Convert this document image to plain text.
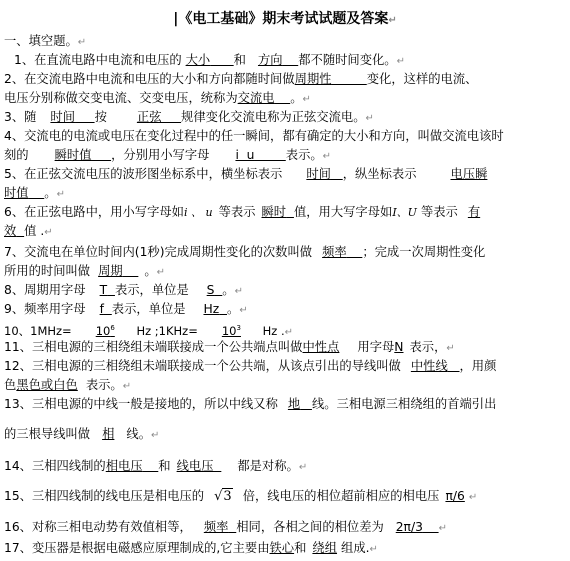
|《电工基础》期末考试试题及答案↵
一、填空题。↵
1、在直流电路中电流和电压的 大小 和 方向 都不随时间变化。↵
2、在交流电路中电流和电压的大小和方向都随时间做周期性	变化，这样的电流、
电压分别称做交变电流、交变电压，统称为交流电 。↵
3、随 时间 按 正弦 规律变化交流电称为正弦交流电。↵
4、交流电的电流或电压在变化过程中的任一瞬间，都有确定的大小和方向，叫做交流电该时
刻的 瞬时值 ，分别用小写字母 i  u	表示。↵
5、在正弦交流电压的波形图坐标系中，横坐标表示 时间 ，纵坐标表示	电压瞬
时值 。↵
6、在正弦电路中，用小写字母如i 、 u 等表示 瞬时 值，用大写字母如I、U 等表示 有
效 值 .↵
7、交流电在单位时间内(1秒)完成周期性变化的次数叫做 频率 ；完成一次周期性变化
所用的时间叫做 周期 。↵
8、周期用字母 T 表示，单位是 S 。↵
9、频率用字母 f 表示，单位是 Hz 。↵
10、$1MHz= 10^6$ Hz ;1KHz= $10^3$ Hz .↵
11、三相电源的三相绕组未端联接成一个公共端点叫做中性点 用字母N 表示，↵
12、三相电源的三相绕组未端联接成一个公共端，从该点引出的导线叫做 中性线 ，用颜
色黑色或白色 表示。↵
13、三相电源的中线一般是接地的，所以中线又称 地 线。三相电源三相绕组的首端引出
的三根导线叫做 相 线。↵
14、三相四线制的相电压 和 线电压 都是对称。↵
15、三相四线制的线电压是相电压的 √3 倍，线电压的相位超前相应的相电压 π/6 ↵
16、对称三相电动势有效值相等， 频率 相同，各相之间的相位差为 2π/3 ↵
17、变压器是根据电磁感应原理制成的,它主要由铁心和 绕组 组成.↵
